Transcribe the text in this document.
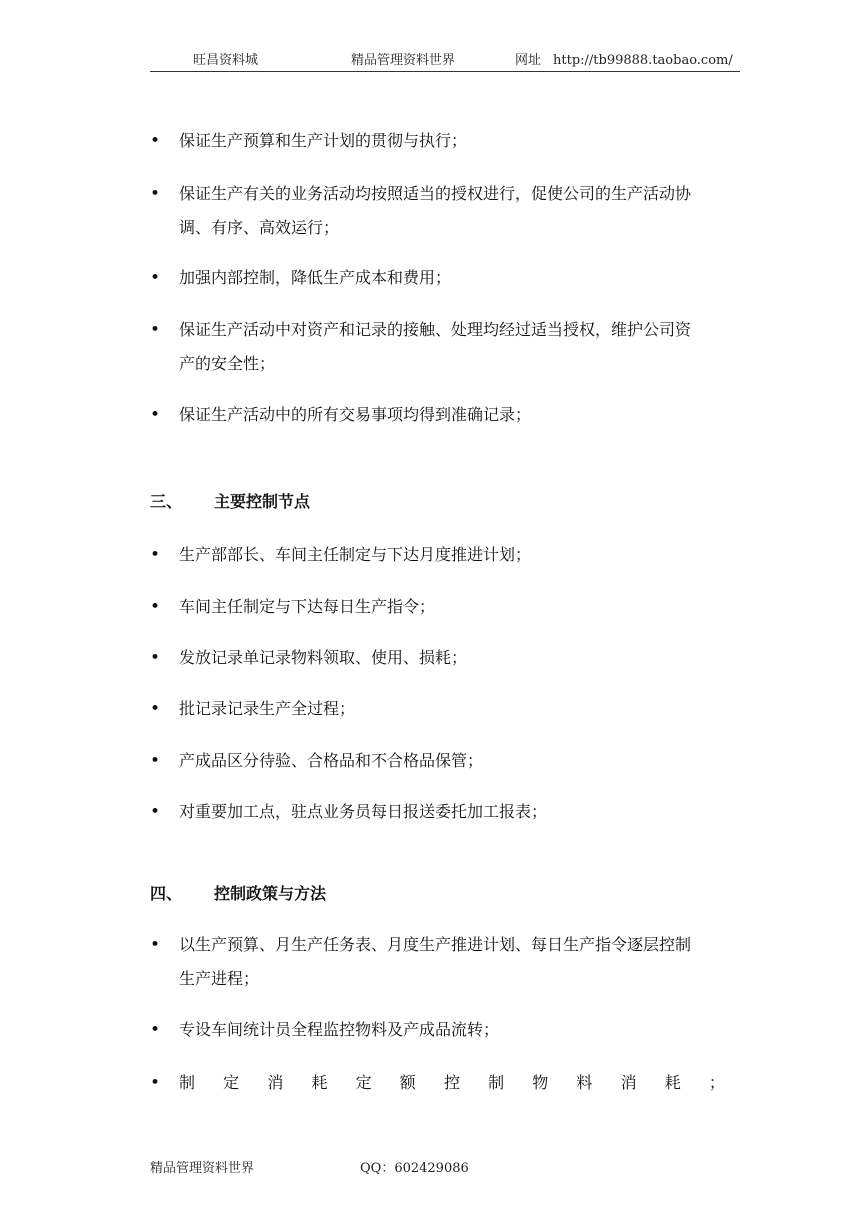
旺昌资料城	精品管理资料世界	网址 http://tb99888.taobao.com/
• 保证生产预算和生产计划的贯彻与执行；
• 保证生产有关的业务活动均按照适当的授权进行，促使公司的生产活动协
调、有序、高效运行；
• 加强内部控制，降低生产成本和费用；
• 保证生产活动中对资产和记录的接触、处理均经过适当授权，维护公司资
产的安全性；
• 保证生产活动中的所有交易事项均得到准确记录；
三、 主要控制节点
• 生产部部长、车间主任制定与下达月度推进计划；
• 车间主任制定与下达每日生产指令；
• 发放记录单记录物料领取、使用、损耗；
• 批记录记录生产全过程；
• 产成品区分待验、合格品和不合格品保管；
• 对重要加工点，驻点业务员每日报送委托加工报表；
四、 控制政策与方法
• 以生产预算、月生产任务表、月度生产推进计划、每日生产指令逐层控制
生产进程；
• 专设车间统计员全程监控物料及产成品流转；
• 制 定 消 耗 定 额 控 制 物 料 消 耗 ；
精品管理资料世界	QQ：602429086
